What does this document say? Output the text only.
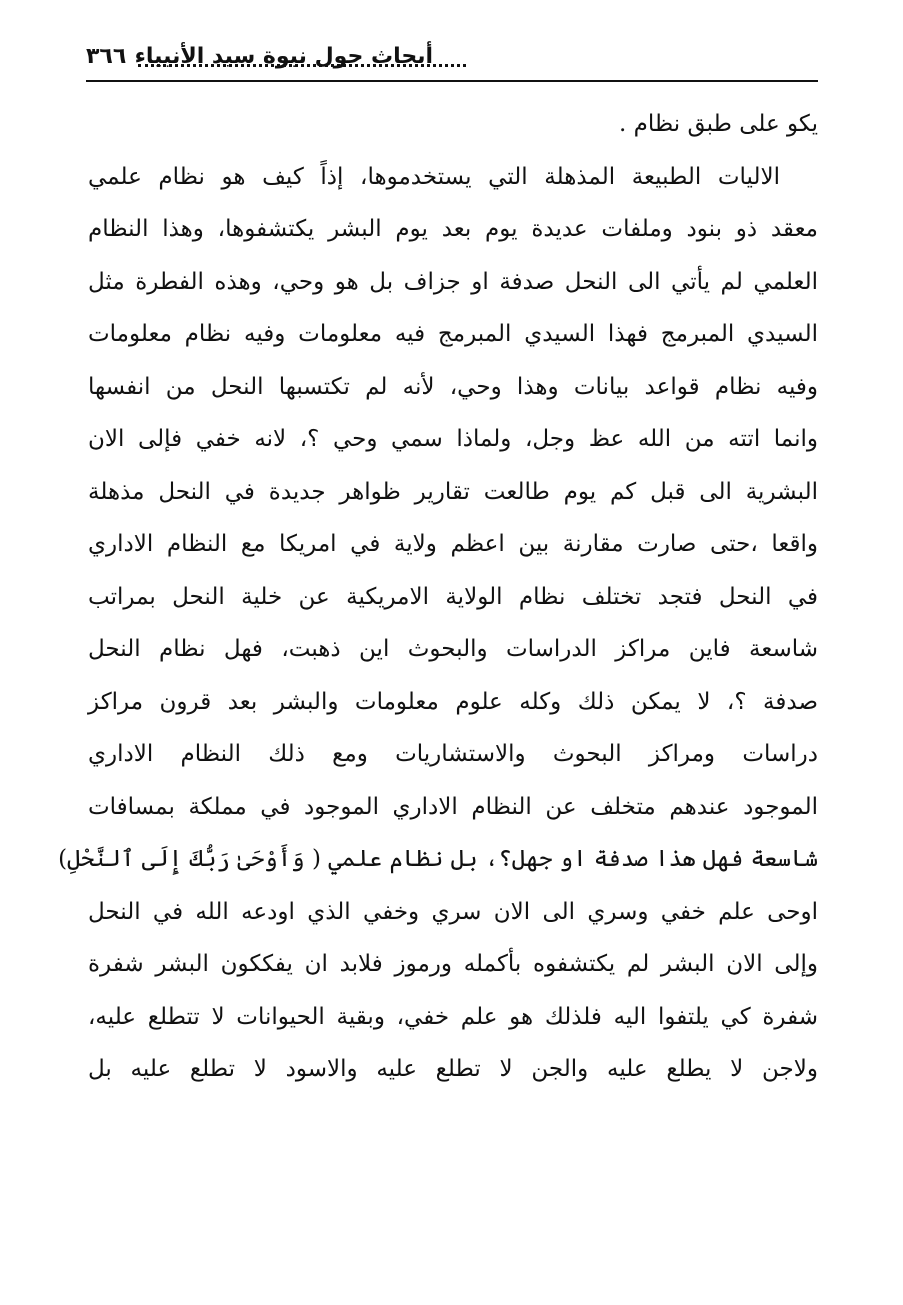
أبحاث حول نبوة سيد الأنبياء
٣٦٦
يكو على طبق نظام .
الاليات الطبيعة المذهلة التي يستخدموها، إذاً كيف هو نظام علمي
معقد ذو بنود وملفات عديدة يوم بعد يوم البشر يكتشفوها، وهذا النظام
العلمي لم يأتي الى النحل صدفة او جزاف بل هو وحي، وهذه الفطرة مثل
السيدي المبرمج فهذا السيدي المبرمج فيه معلومات وفيه نظام معلومات
وفيه نظام قواعد بيانات وهذا وحي، لأنه لم تكتسبها النحل من انفسها
وانما اتته من الله عظ وجل، ولماذا سمي وحي ؟، لانه خفي فإلى الان
البشرية الى قبل كم يوم طالعت تقارير ظواهر جديدة في النحل مذهلة
واقعا ،حتى صارت مقارنة بين اعظم ولاية في امريكا مع النظام الاداري
في النحل فتجد تختلف نظام الولاية الامريكية عن خلية النحل بمراتب
شاسعة فاين مراكز الدراسات والبحوث اين ذهبت، فهل نظام النحل
صدفة ؟، لا يمكن ذلك وكله علوم معلومات والبشر بعد قرون مراكز
دراسات ومراكز البحوث والاستشاريات ومع ذلك النظام الاداري
الموجود عندهم متخلف عن النظام الاداري الموجود في مملكة بمسافات
شاسعة فهل هذا صدفة او جهل؟، بل نظام علمي ( وَأَوْحَىٰ رَبُّكَ إِلَى ٱلنَّحْلِ)
اوحى علم خفي وسري الى الان سري وخفي الذي اودعه الله في النحل
وإلى الان البشر لم يكتشفوه بأكمله ورموز فلابد ان يفككون البشر شفرة
شفرة كي يلتفوا اليه فلذلك هو علم خفي، وبقية الحيوانات لا تتطلع عليه،
ولاجن لا يطلع عليه والجن لا تطلع عليه والاسود لا تطلع عليه بل
